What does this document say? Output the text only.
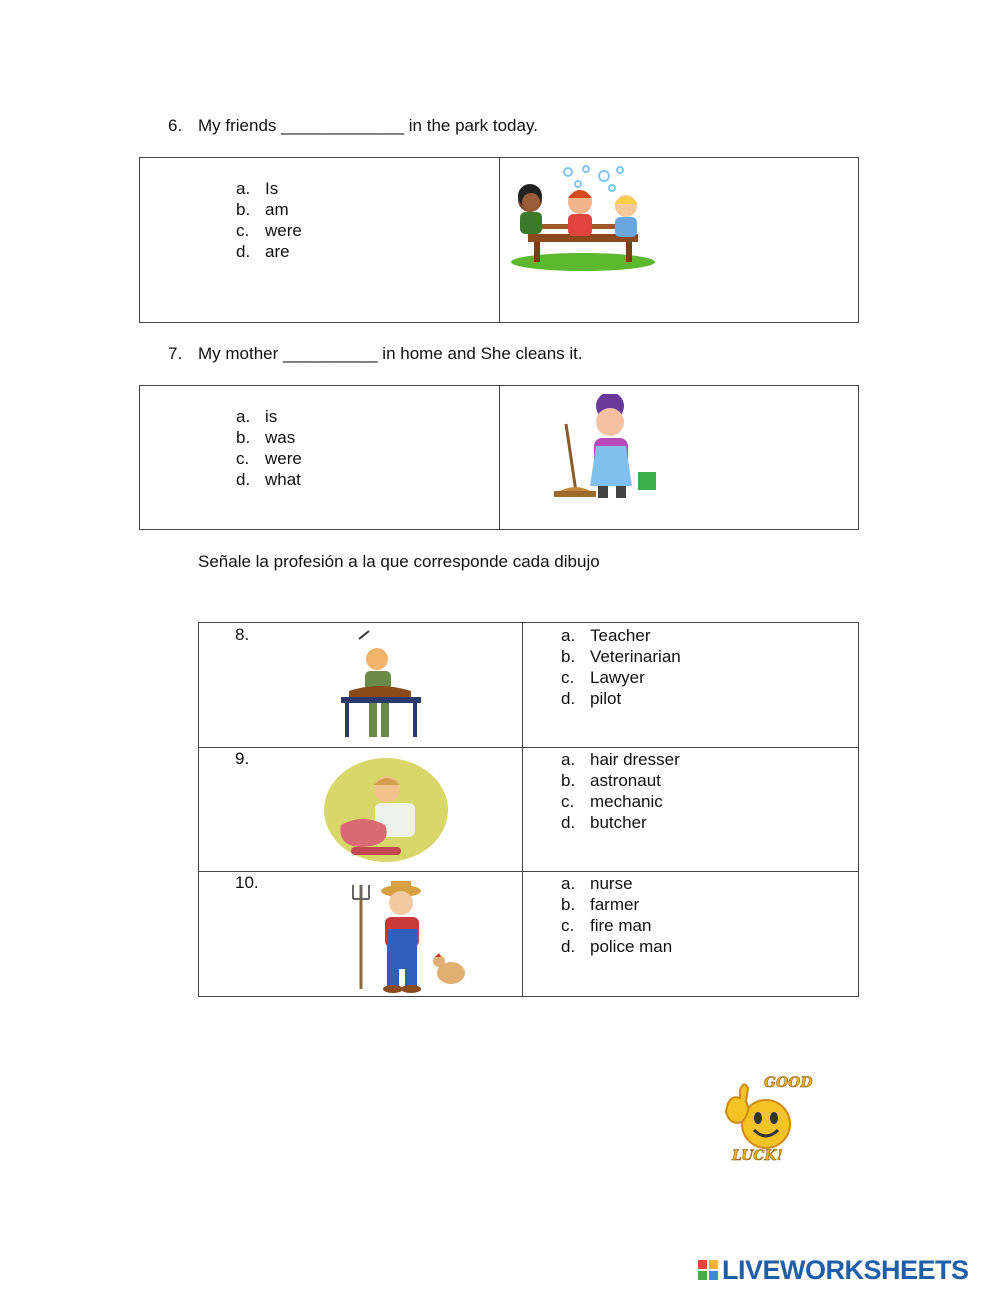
6. My friends _____________ in the park today.
a. Is
b. am
c. were
d. are
7. My mother __________ in home and She cleans it.
a. is
b. was
c. were
d. what
Señale la profesión a la que corresponde cada dibujo
8.	a. Teacher
b. Veterinarian
c. Lawyer
d. pilot
9.	a. hair dresser
b. astronaut
c. mechanic
d. butcher
10.	a. nurse
b. farmer
c. fire man
d. police man
GOOD
LUCK!
LIVEWORKSHEETS
